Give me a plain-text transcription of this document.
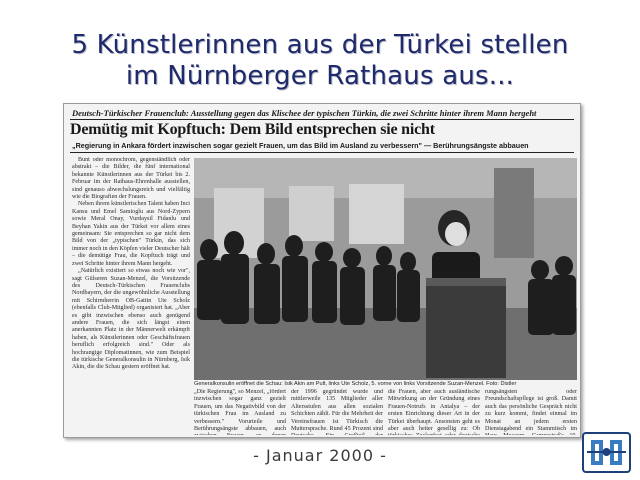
5 Künstlerinnen aus der Türkei stellen
im Nürnberger Rathaus aus...
Deutsch-Türkischer Frauenclub: Ausstellung gegen das Klischee der typischen Türkin, die zwei Schritte hinter ihrem Mann hergeht
Demütig mit Kopftuch: Dem Bild entsprechen sie nicht
„Regierung in Ankara fördert inzwischen sogar gezielt Frauen, um das Bild im Ausland zu verbessern" — Berührungsängste abbauen
Bunt oder monochrom, gegenständlich oder abstrakt – die Bilder, die fünf international bekannte Künstlerinnen aus der Türkei bis 2. Februar im der Rathaus-Ehrenhalle ausstellen, sind genauso abwechslungsreich und vielfältig wie die Biografien der Frauen.
Neben ihrem künstlerischen Talent haben Inci Kansu und Emel Samioglu aus Nord-Zypern sowie Meral Onay, Vurdaysil Fidanlu und Beyhan Yakin aus der Türkei vor allem eines gemeinsam: Sie entsprechen so gar nicht dem Bild von der „typischen" Türkin, das sich immer noch in den Köpfen vieler Deutscher hält – die demütige Frau, die Kopftuch trägt und zwei Schritte hinter ihrem Mann hergeht.
„Natürlich existiert so etwas noch wie vor", sagt Gülseren Suzan-Menzel, die Vorsitzende des Deutsch-Türkischen Frauenclubs Nordbayern, der die ungewöhnliche Ausstellung mit Schirmherrin OB-Gattin Ute Scholz (ebenfalls Club-Mitglied) organisiert hat. „Aber es gibt inzwischen ebenso auch genügend andere Frauen, die sich längst einen anerkannten Platz in der Männerwelt erkämpft haben, als Künstlerinnen oder Geschäftsfrauen beruflich erfolgreich sind." Oder als hochrangige Diplomatinnen, wie zum Beispiel die türkische Generalkonsulin in Nürnberg, Isik Akin, die die Schau gestern eröffnet hat.
Generalkonsulin eröffnet die Schau: Isik Akin am Pult, links Ute Scholz, 5. vorne von links Vorsitzende Suzan-Menzel. Foto: Distler
„Die Regierung", so Menzel, „fördert inzwischen sogar ganz gezielt Frauen, um das Negativbild von der türkischen Frau im Ausland zu verbessern." Vorurteile und Berührungsängste abbauen, auch
der 1996 gegründet wurde und mittlerweile 135 Mitglieder aller Altersstufen aus allen sozialen Schichten zählt. Für die Mehrheit der Vereinsfrauen ist Türkisch die Muttersprache. Rund 45 Prozent sind
die Frauen, aber auch ausländische Mitwirkung an der Gründung eines Frauen-Notrufs in Antalya – der ersten Einrichtung dieser Art in der Türkei überhaupt. Ansonsten geht es aber auch heiter gesellig zu: Ob
rungsängsten oder Freundschaftspflege ist groß. Damit auch das persönliche Gespräch nicht zu kurz kommt, findet einmal im Monat an jedem ersten Dienstagabend ein Stammtisch im
- Januar 2000 -
